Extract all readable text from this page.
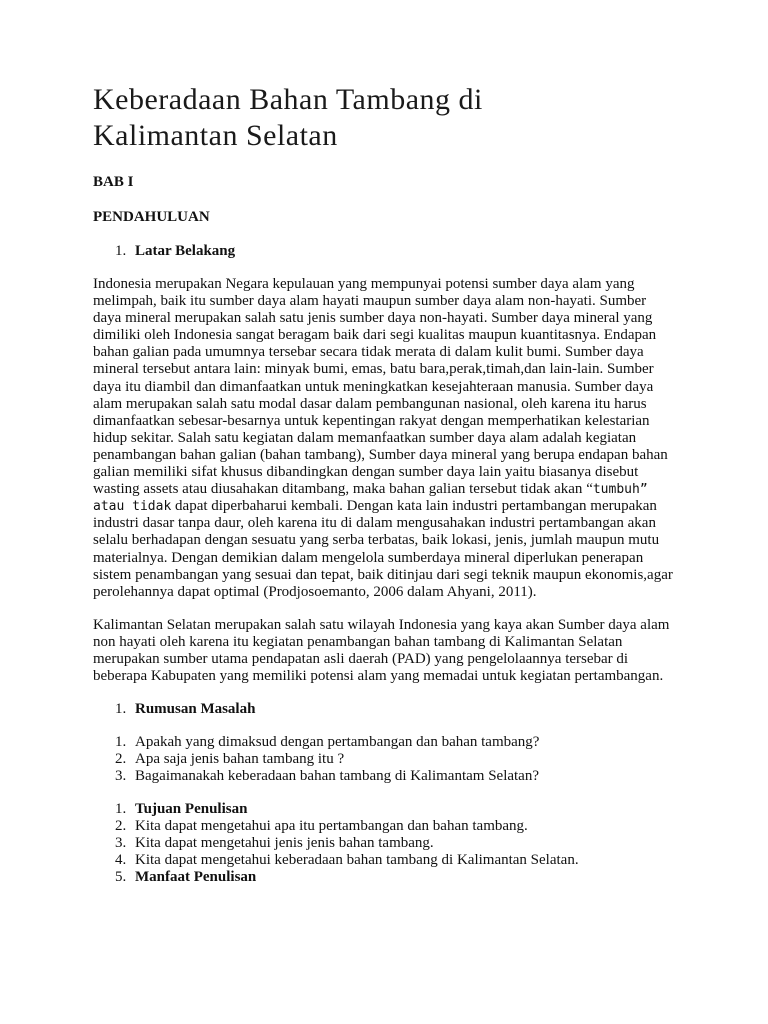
Keberadaan Bahan Tambang di
Kalimantan Selatan
BAB I
PENDAHULUAN
1. Latar Belakang

Indonesia merupakan Negara kepulauan yang mempunyai potensi sumber daya alam yang melimpah, baik itu sumber daya alam hayati maupun sumber daya alam non-hayati. Sumber daya mineral merupakan salah satu jenis sumber daya non-hayati. Sumber daya mineral yang dimiliki oleh Indonesia sangat beragam baik dari segi kualitas maupun kuantitasnya. Endapan bahan galian pada umumnya tersebar secara tidak merata di dalam kulit bumi. Sumber daya mineral tersebut antara lain: minyak bumi, emas, batu bara,perak,timah,dan lain-lain. Sumber daya itu diambil dan dimanfaatkan untuk meningkatkan kesejahteraan manusia. Sumber daya alam merupakan salah satu modal dasar dalam pembangunan nasional, oleh karena itu harus dimanfaatkan sebesar-besarnya untuk kepentingan rakyat dengan memperhatikan kelestarian hidup sekitar. Salah satu kegiatan dalam memanfaatkan sumber daya alam adalah kegiatan penambangan bahan galian (bahan tambang), Sumber daya mineral yang berupa endapan bahan galian memiliki sifat khusus dibandingkan dengan sumber daya lain yaitu biasanya disebut wasting assets atau diusahakan ditambang, maka bahan galian tersebut tidak akan “tumbuh” atau tidak dapat diperbaharui kembali. Dengan kata lain industri pertambangan merupakan industri dasar tanpa daur, oleh karena itu di dalam mengusahakan industri pertambangan akan selalu berhadapan dengan sesuatu yang serba terbatas, baik lokasi, jenis, jumlah maupun mutu materialnya. Dengan demikian dalam mengelola sumberdaya mineral diperlukan penerapan sistem penambangan yang sesuai dan tepat, baik ditinjau dari segi teknik maupun ekonomis,agar perolehannya dapat optimal (Prodjosoemanto, 2006 dalam Ahyani, 2011).

Kalimantan Selatan merupakan salah satu wilayah Indonesia yang kaya akan Sumber daya alam non hayati oleh karena itu kegiatan penambangan bahan tambang di Kalimantan Selatan merupakan sumber utama pendapatan asli daerah (PAD) yang pengelolaannya tersebar di beberapa Kabupaten yang memiliki potensi alam yang memadai untuk kegiatan pertambangan.

1. Rumusan Masalah
1. Apakah yang dimaksud dengan pertambangan dan bahan tambang?
2. Apa saja jenis bahan tambang itu ?
3. Bagaimanakah keberadaan bahan tambang di Kalimantam Selatan?
1. Tujuan Penulisan
2. Kita dapat mengetahui apa itu pertambangan dan bahan tambang.
3. Kita dapat mengetahui jenis jenis bahan tambang.
4. Kita dapat mengetahui keberadaan bahan tambang di Kalimantan Selatan.
5. Manfaat Penulisan
